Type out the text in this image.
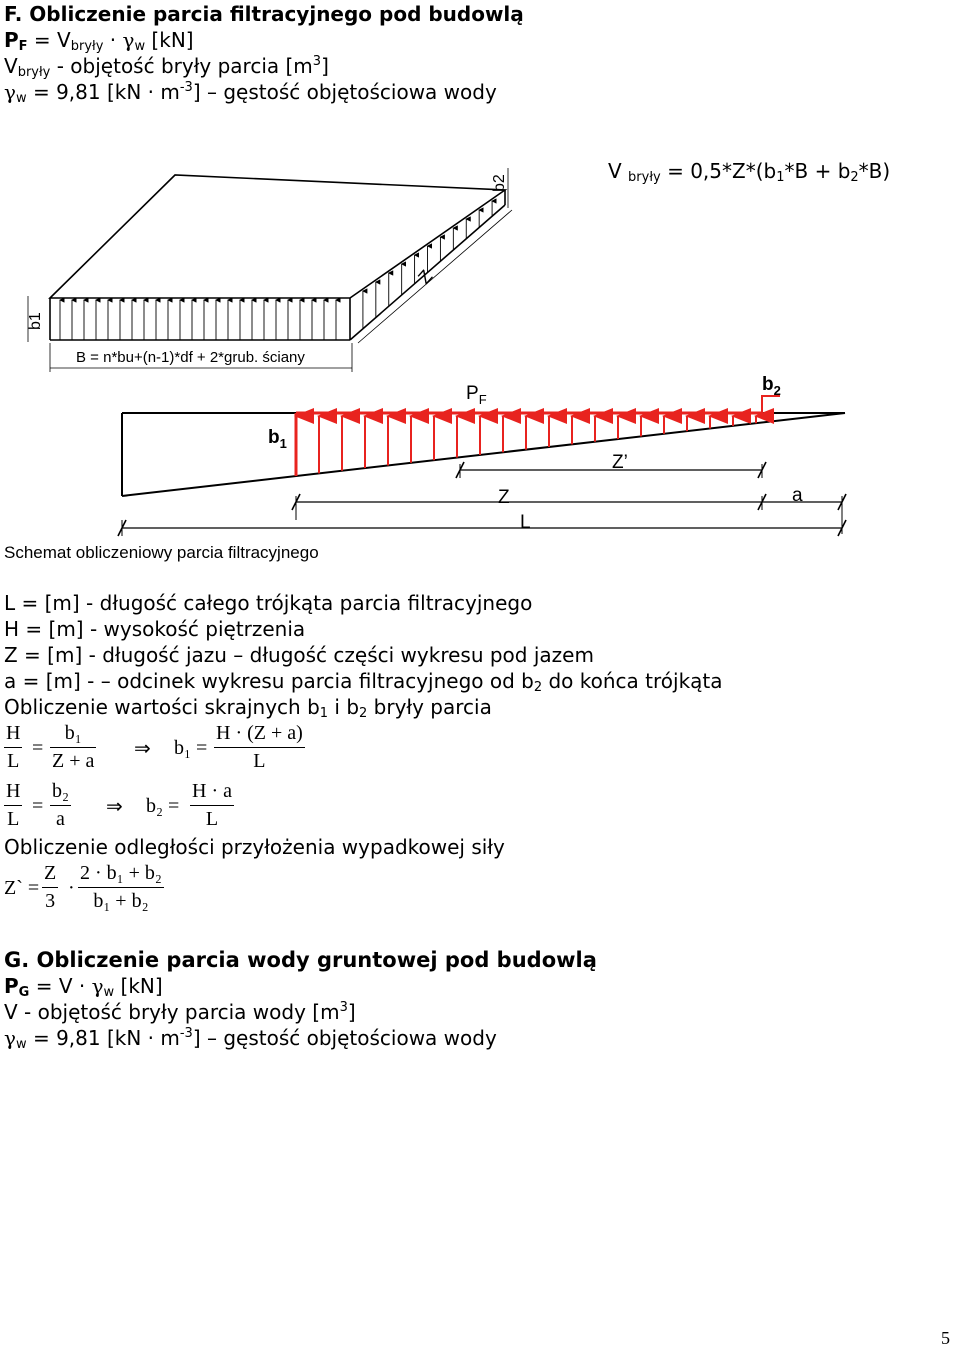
F. Obliczenie parcia filtracyjnego pod budowlą
$P_F = V_{bryły} \cdot \gamma_w$ [kN]
$V_{bryły}$ - objętość bryły parcia $[m^3]$
$\gamma_w = 9,81$ $[kN \cdot m^{-3}]$ – gęstość objętościowa wody
V $_{bryły} = 0,5*Z*(b_1*B + b_2*B)$
b2
b1
Z
B = n*bu+(n-1)*df + 2*grub. ściany
$P_F$
$b_2$
$b_1$
Z’
Z	a
L
Schemat obliczeniowy parcia filtracyjnego
L = [m] - długość całego trójkąta parcia filtracyjnego
H = [m] - wysokość piętrzenia
Z = [m] - długość jazu – długość części wykresu pod jazem
a = [m] - – odcinek wykresu parcia filtracyjnego od $b_2$ do końca trójkąta
Obliczenie wartości skrajnych $b_1$ i $b_2$ bryły parcia
H
L
=
b₁
Z + a
⇒ b₁ =
H · (Z + a)
L
H
L
=
b₂
a
⇒ b₂ =
H · a
L
Obliczenie odległości przyłożenia wypadkowej siły
Z` =
Z
3
·
2 · b₁ + b₂
b₁ + b₂
G. Obliczenie parcia wody gruntowej pod budowlą
$P_G = V \cdot \gamma_w$ [kN]
V - objętość bryły parcia wody $[m^3]$
$\gamma_w = 9,81$ $[kN \cdot m^{-3}]$ – gęstość objętościowa wody
5
